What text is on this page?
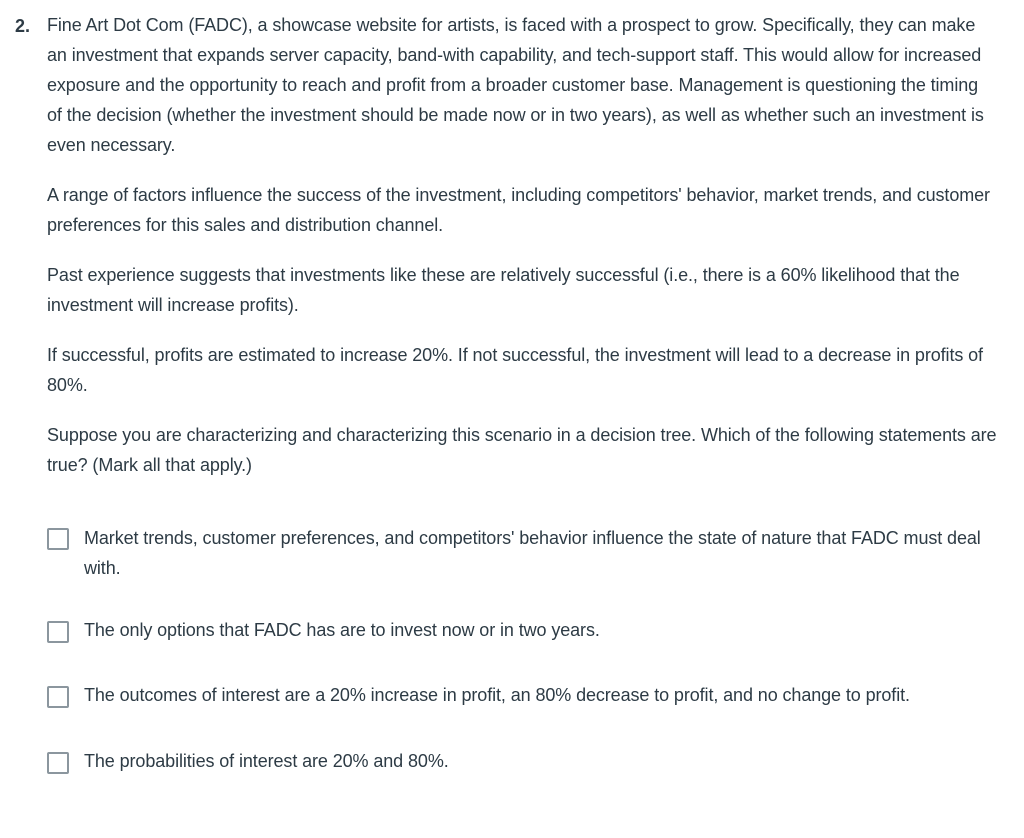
2. Fine Art Dot Com (FADC), a showcase website for artists, is faced with a prospect to grow. Specifically, they can make an investment that expands server capacity, band-with capability, and tech-support staff. This would allow for increased exposure and the opportunity to reach and profit from a broader customer base. Management is questioning the timing of the decision (whether the investment should be made now or in two years), as well as whether such an investment is even necessary.

A range of factors influence the success of the investment, including competitors' behavior, market trends, and customer preferences for this sales and distribution channel.

Past experience suggests that investments like these are relatively successful (i.e., there is a 60% likelihood that the investment will increase profits).

If successful, profits are estimated to increase 20%. If not successful, the investment will lead to a decrease in profits of 80%.

Suppose you are characterizing and characterizing this scenario in a decision tree. Which of the following statements are true? (Mark all that apply.)

Market trends, customer preferences, and competitors' behavior influence the state of nature that FADC must deal with.
The only options that FADC has are to invest now or in two years.
The outcomes of interest are a 20% increase in profit, an 80% decrease to profit, and no change to profit.
The probabilities of interest are 20% and 80%.
